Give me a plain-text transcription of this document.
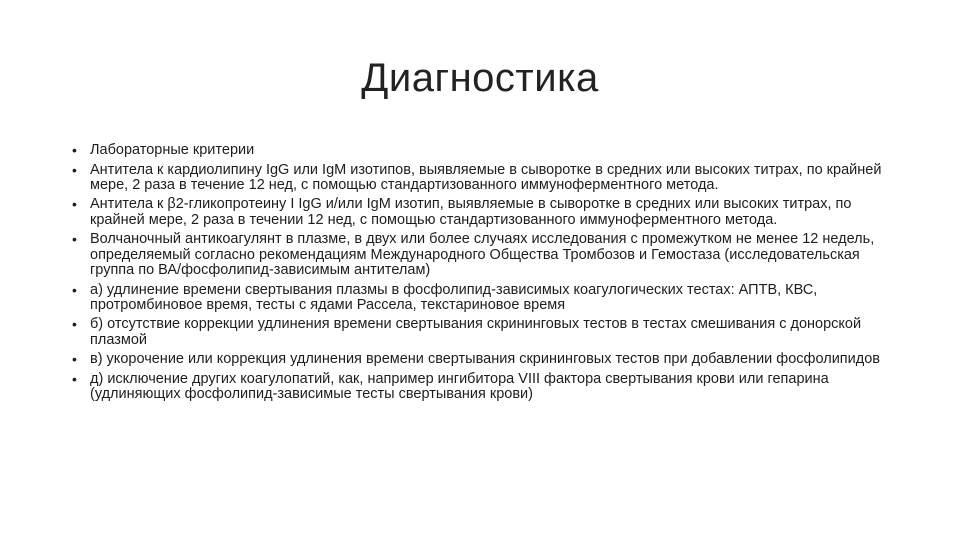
Диагностика
• Лабораторные критерии
• Антитела к кардиолипину IgG или IgM изотипов, выявляемые в сыворотке в средних или высоких титрах, по крайней мере, 2 раза в течение 12 нед, с помощью стандартизованного иммуноферментного метода.
• Антитела к β2-гликопротеину I IgG и/или IgM изотип, выявляемые в сыворотке в средних или высоких титрах, по крайней мере, 2 раза в течении 12 нед, с помощью стандартизованного иммуноферментного метода.
• Волчаночный антикоагулянт в плазме, в двух или более случаях исследования с промежутком не менее 12 недель, определяемый согласно рекомендациям Международного Общества Тромбозов и Гемостаза (исследовательская группа по ВА/фосфолипид-зависимым антителам)
• а) удлинение времени свертывания плазмы в фосфолипид-зависимых коагулогических тестах: АПТВ, КВС, протромбиновое время, тесты с ядами Рассела, текстариновое время
• б) отсутствие коррекции удлинения времени свертывания скрининговых тестов в тестах смешивания с донорской плазмой
• в) укорочение или коррекция удлинения времени свертывания скрининговых тестов при добавлении фосфолипидов
• д) исключение других коагулопатий, как, например ингибитора VIII фактора свертывания крови или гепарина (удлиняющих фосфолипид-зависимые тесты свертывания крови)
